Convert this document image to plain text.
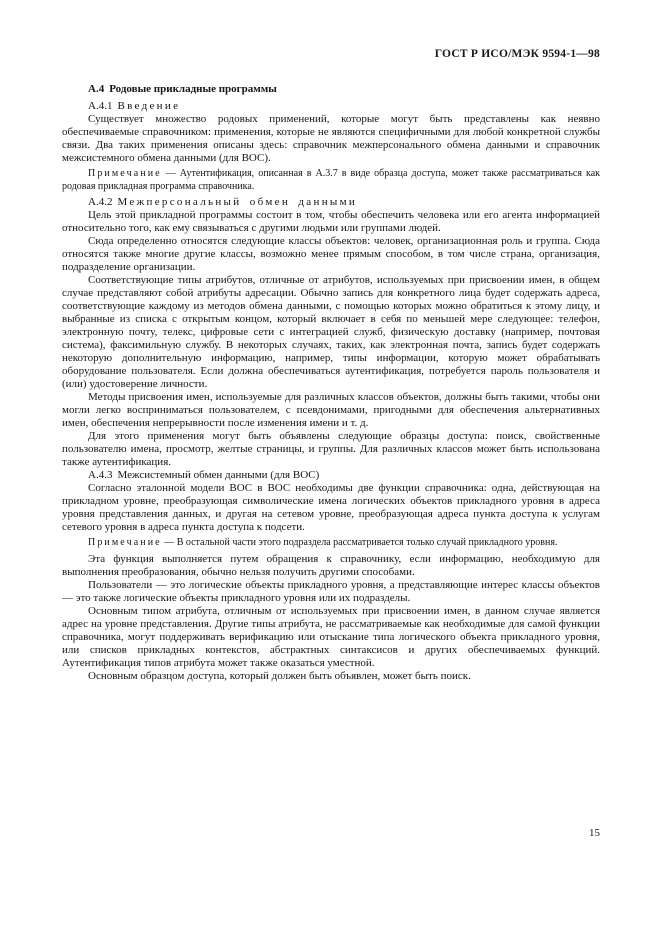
ГОСТ Р ИСО/МЭК 9594-1—98

А.4 Родовые прикладные программы

А.4.1 Введение

Существует множество родовых применений, которые могут быть представлены как неявно обеспечиваемые справочником: применения, которые не являются специфичными для любой конкретной службы связи. Два таких применения описаны здесь: справочник межперсонального обмена данными и справочник межсистемного обмена данными (для ВОС).

Примечание — Аутентификация, описанная в А.3.7 в виде образца доступа, может также рассматриваться как родовая прикладная программа справочника.

А.4.2 Межперсональный обмен данными

Цель этой прикладной программы состоит в том, чтобы обеспечить человека или его агента информацией относительно того, как ему связываться с другими людьми или группами людей.

Сюда определенно относятся следующие классы объектов: человек, организационная роль и группа. Сюда относятся также многие другие классы, возможно менее прямым способом, в том числе страна, организация, подразделение организации.

Соответствующие типы атрибутов, отличные от атрибутов, используемых при присвоении имен, в общем случае представляют собой атрибуты адресации. Обычно запись для конкретного лица будет содержать адреса, соответствующие каждому из методов обмена данными, с помощью которых можно обратиться к этому лицу, и выбранные из списка с открытым концом, который включает в себя по меньшей мере следующее: телефон, электронную почту, телекс, цифровые сети с интеграцией служб, физическую доставку (например, почтовая система), факсимильную службу. В некоторых случаях, таких, как электронная почта, запись будет содержать некоторую дополнительную информацию, например, типы информации, которую может обрабатывать оборудование пользователя. Если должна обеспечиваться аутентификация, потребуется пароль пользователя и (или) удостоверение личности.

Методы присвоения имен, используемые для различных классов объектов, должны быть такими, чтобы они могли легко восприниматься пользователем, с псевдонимами, пригодными для обеспечения альтернативных имен, обеспечения непрерывности после изменения имени и т. д.

Для этого применения могут быть объявлены следующие образцы доступа: поиск, свойственные пользователю имена, просмотр, желтые страницы, и группы. Для различных классов может быть использована также аутентификация.

А.4.3 Межсистемный обмен данными (для ВОС)

Согласно эталонной модели ВОС в ВОС необходимы две функции справочника: одна, действующая на прикладном уровне, преобразующая символические имена логических объектов прикладного уровня в адреса уровня представления данных, и другая на сетевом уровне, преобразующая адреса пункта доступа к услугам сетевого уровня в адреса пункта доступа к подсети.

Примечание — В остальной части этого подраздела рассматривается только случай прикладного уровня.

Эта функция выполняется путем обращения к справочнику, если информацию, необходимую для выполнения преобразования, обычно нельзя получить другими способами.

Пользователи — это логические объекты прикладного уровня, а представляющие интерес классы объектов — это также логические объекты прикладного уровня или их подразделы.

Основным типом атрибута, отличным от используемых при присвоении имен, в данном случае является адрес на уровне представления. Другие типы атрибута, не рассматриваемые как необходимые для самой функции справочника, могут поддерживать верификацию или отыскание типа логического объекта прикладного уровня, или списков прикладных контекстов, абстрактных синтаксисов и других обеспечиваемых функций. Аутентификация типов атрибута может также оказаться уместной.

Основным образцом доступа, который должен быть объявлен, может быть поиск.

15
